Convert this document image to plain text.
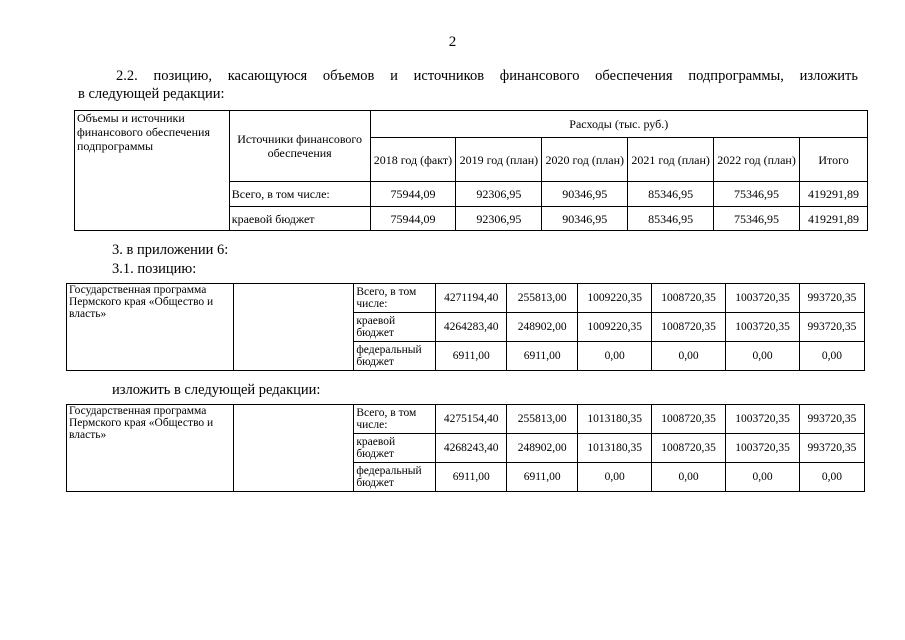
2
2.2. позицию, касающуюся объемов и источников финансового обеспечения подпрограммы, изложить
в следующей редакции:
Объемы и источники финансового обеспечения подпрограммы	Источники финансового обеспечения	Расходы (тыс. руб.)					
		2018 год (факт)	2019 год (план)	2020 год (план)	2021 год (план)	2022 год (план)	Итого
	Всего, в том числе:	75944,09	92306,95	90346,95	85346,95	75346,95	419291,89
	краевой бюджет	75944,09	92306,95	90346,95	85346,95	75346,95	419291,89
3. в приложении 6:
3.1. позицию:
Государственная программа Пермского края «Общество и власть»		Всего, в том числе:	4271194,40	255813,00	1009220,35	1008720,35	1003720,35	993720,35
		краевой бюджет	4264283,40	248902,00	1009220,35	1008720,35	1003720,35	993720,35
		федеральный бюджет	6911,00	6911,00	0,00	0,00	0,00	0,00
изложить в следующей редакции:
Государственная программа Пермского края «Общество и власть»		Всего, в том числе:	4275154,40	255813,00	1013180,35	1008720,35	1003720,35	993720,35
		краевой бюджет	4268243,40	248902,00	1013180,35	1008720,35	1003720,35	993720,35
		федеральный бюджет	6911,00	6911,00	0,00	0,00	0,00	0,00
